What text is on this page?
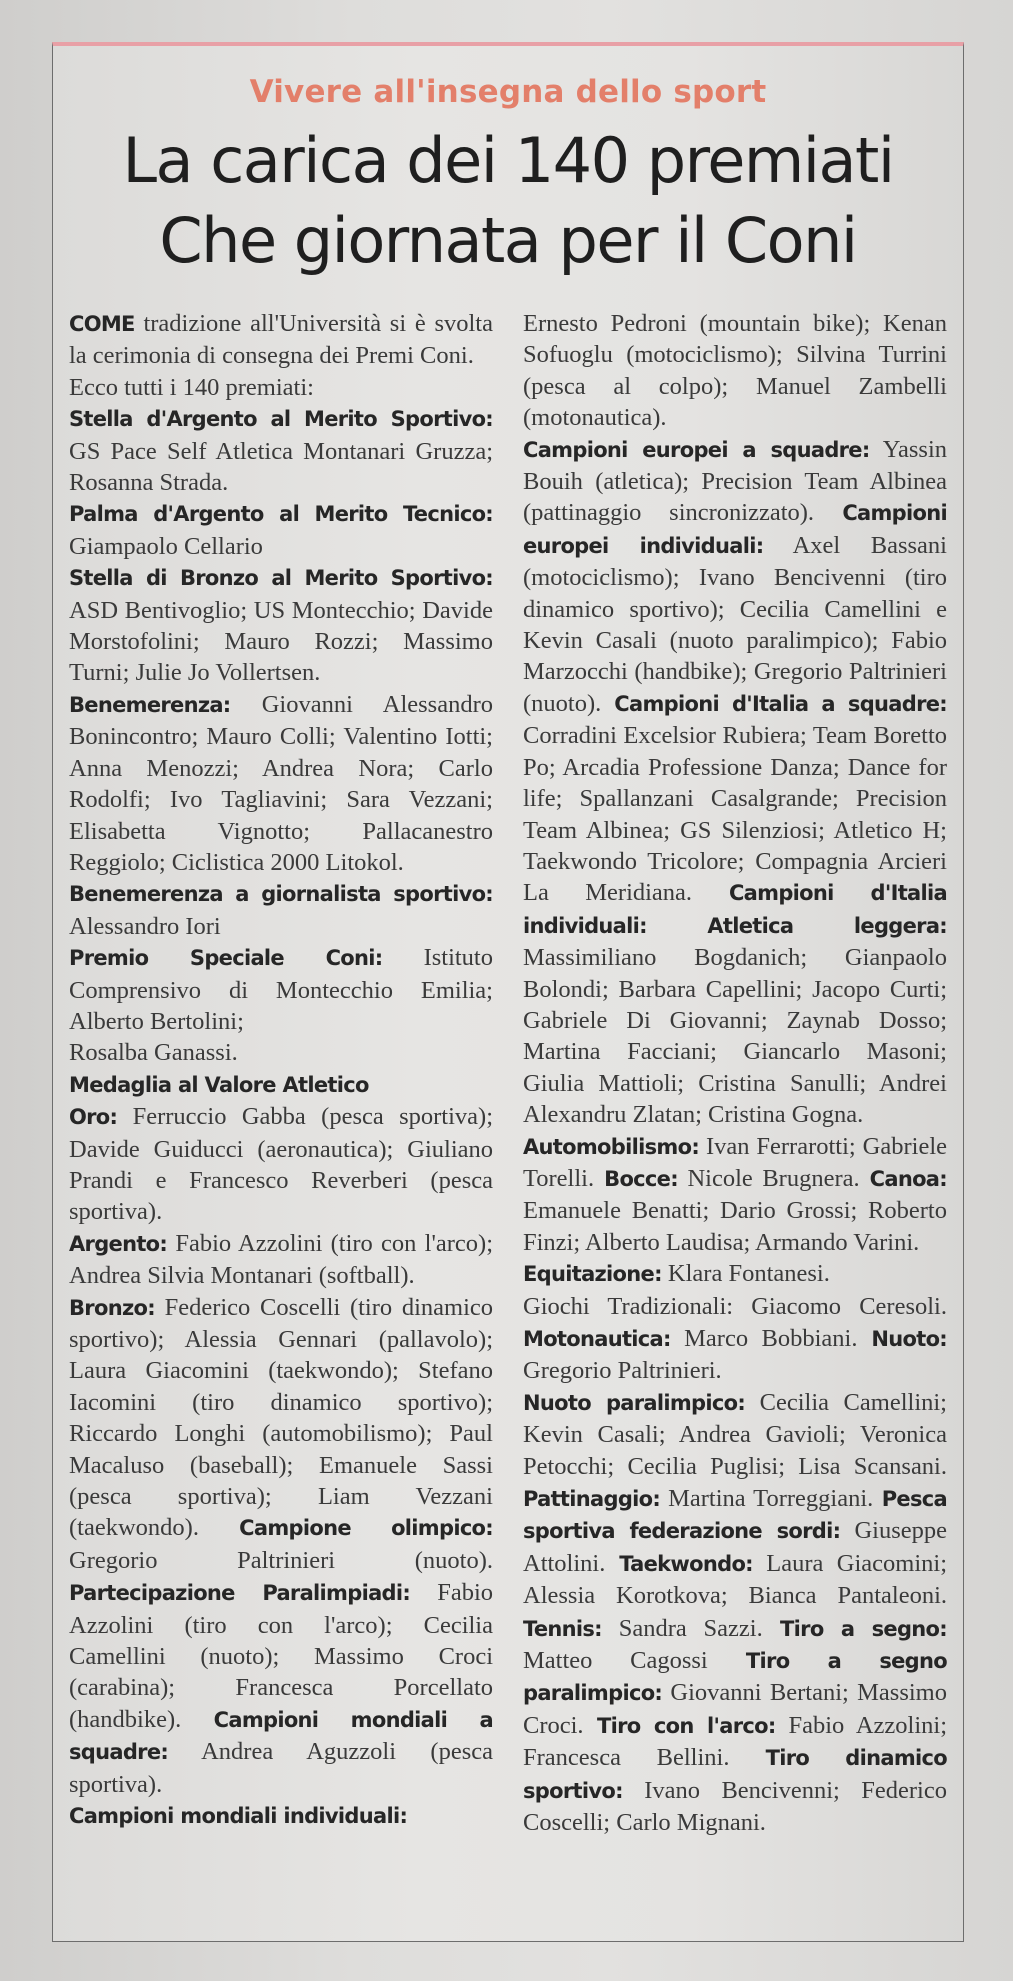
Vivere all'insegna dello sport
La carica dei 140 premiati
Che giornata per il Coni

COME tradizione all'Università si è svolta la cerimonia di consegna dei Premi Coni.

Ecco tutti i 140 premiati:

Stella d'Argento al Merito Sportivo: GS Pace Self Atletica Montanari Gruzza; Rosanna Strada.

Palma d'Argento al Merito Tecnico: Giampaolo Cellario

Stella di Bronzo al Merito Sportivo: ASD Bentivoglio; US Montecchio; Davide Morstofolini; Mauro Rozzi; Massimo Turni; Julie Jo Vollertsen.

Benemerenza: Giovanni Alessandro Bonincontro; Mauro Colli; Valentino Iotti; Anna Menozzi; Andrea Nora; Carlo Rodolfi; Ivo Tagliavini; Sara Vezzani; Elisabetta Vignotto; Pallacanestro Reggiolo; Ciclistica 2000 Litokol.

Benemerenza a giornalista sportivo: Alessandro Iori

Premio Speciale Coni: Istituto Comprensivo di Montecchio Emilia; Alberto Bertolini;

Rosalba Ganassi.

Medaglia al Valore Atletico

Oro: Ferruccio Gabba (pesca sportiva); Davide Guiducci (aeronautica); Giuliano Prandi e Francesco Reverberi (pesca sportiva).

Argento: Fabio Azzolini (tiro con l'arco); Andrea Silvia Montanari (softball).

Bronzo: Federico Coscelli (tiro dinamico sportivo); Alessia Gennari (pallavolo); Laura Giacomini (taekwondo); Stefano Iacomini (tiro dinamico sportivo); Riccardo Longhi (automobilismo); Paul Macaluso (baseball); Emanuele Sassi (pesca sportiva); Liam Vezzani (taekwondo). Campione olimpico: Gregorio Paltrinieri (nuoto). Partecipazione Paralimpiadi: Fabio Azzolini (tiro con l'arco); Cecilia Camellini (nuoto); Massimo Croci (carabina); Francesca Porcellato (handbike). Campioni mondiali a squadre: Andrea Aguzzoli (pesca sportiva).

Campioni mondiali individuali:

Ernesto Pedroni (mountain bike); Kenan Sofuoglu (motociclismo); Silvina Turrini (pesca al colpo); Manuel Zambelli (motonautica).

Campioni europei a squadre: Yassin Bouih (atletica); Precision Team Albinea (pattinaggio sincronizzato). Campioni europei individuali: Axel Bassani (motociclismo); Ivano Bencivenni (tiro dinamico sportivo); Cecilia Camellini e Kevin Casali (nuoto paralimpico); Fabio Marzocchi (handbike); Gregorio Paltrinieri (nuoto). Campioni d'Italia a squadre: Corradini Excelsior Rubiera; Team Boretto Po; Arcadia Professione Danza; Dance for life; Spallanzani Casalgrande; Precision Team Albinea; GS Silenziosi; Atletico H; Taekwondo Tricolore; Compagnia Arcieri La Meridiana. Campioni d'Italia individuali: Atletica leggera: Massimiliano Bogdanich; Gianpaolo Bolondi; Barbara Capellini; Jacopo Curti; Gabriele Di Giovanni; Zaynab Dosso; Martina Facciani; Giancarlo Masoni; Giulia Mattioli; Cristina Sanulli; Andrei Alexandru Zlatan; Cristina Gogna.

Automobilismo: Ivan Ferrarotti; Gabriele Torelli. Bocce: Nicole Brugnera. Canoa: Emanuele Benatti; Dario Grossi; Roberto Finzi; Alberto Laudisa; Armando Varini.

Equitazione: Klara Fontanesi.

Giochi Tradizionali: Giacomo Ceresoli. Motonautica: Marco Bobbiani. Nuoto: Gregorio Paltrinieri.

Nuoto paralimpico: Cecilia Camellini; Kevin Casali; Andrea Gavioli; Veronica Petocchi; Cecilia Puglisi; Lisa Scansani. Pattinaggio: Martina Torreggiani. Pesca sportiva federazione sordi: Giuseppe Attolini. Taekwondo: Laura Giacomini; Alessia Korotkova; Bianca Pantaleoni. Tennis: Sandra Sazzi. Tiro a segno: Matteo Cagossi Tiro a segno paralimpico: Giovanni Bertani; Massimo Croci. Tiro con l'arco: Fabio Azzolini; Francesca Bellini. Tiro dinamico sportivo: Ivano Bencivenni; Federico Coscelli; Carlo Mignani.
